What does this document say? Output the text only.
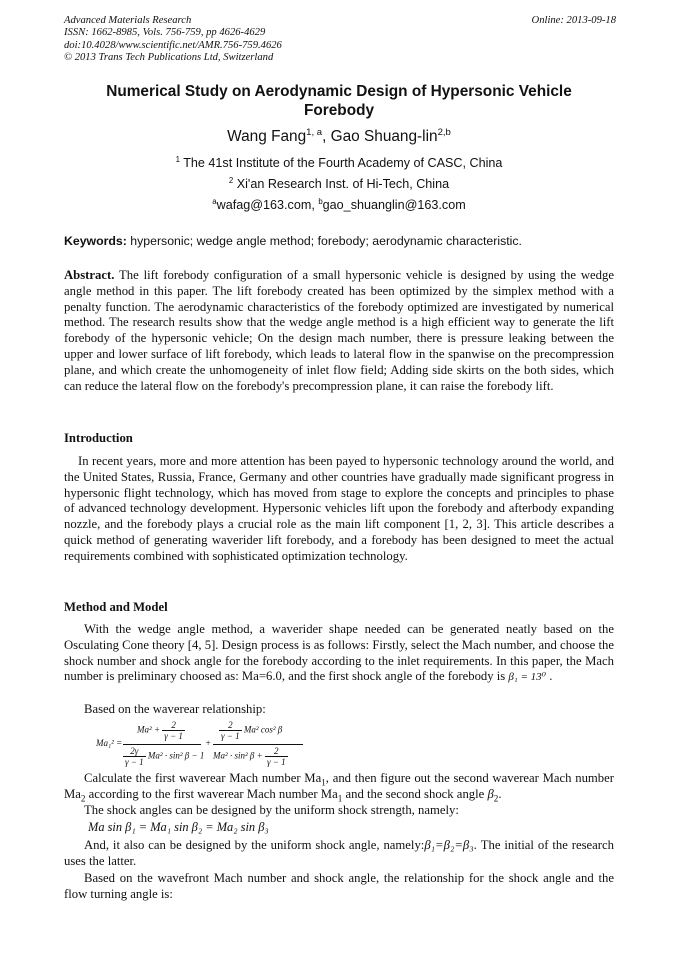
Advanced Materials Research
ISSN: 1662-8985, Vols. 756-759, pp 4626-4629
doi:10.4028/www.scientific.net/AMR.756-759.4626
© 2013 Trans Tech Publications Ltd, Switzerland
Online: 2013-09-18
Numerical Study on Aerodynamic Design of Hypersonic Vehicle
Forebody
Wang Fang$^{1, a}$, Gao Shuang-lin$^{2,b}$
$^1$ The 41st Institute of the Fourth Academy of CASC, China
$^2$ Xi'an Research Inst. of Hi-Tech, China
$^a$wafag@163.com, $^b$gao_shuanglin@163.com
Keywords: hypersonic; wedge angle method; forebody; aerodynamic characteristic.
Abstract. The lift forebody configuration of a small hypersonic vehicle is designed by using the wedge angle method in this paper. The lift forebody created has been optimized by the simplex method with a penalty function. The aerodynamic characteristics of the forebody optimized are investigated by numerical method. The research results show that the wedge angle method is a high efficient way to generate the lift forebody of the hypersonic vehicle; On the design mach number, there is pressure leaking between the upper and lower surface of lift forebody, which leads to lateral flow in the spanwise on the precompression plane, and which create the unhomogeneity of inlet flow field; Adding side skirts on the both sides, which can reduce the lateral flow on the forebody's precompression plane, it can raise the forebody lift.
Introduction
In recent years, more and more attention has been payed to hypersonic technology around the world, and the United States, Russia, France, Germany and other countries have gradually made significant progress in hypersonic flight technology, which has moved from stage to explore the concepts and principles to phase of advanced technology development. Hypersonic vehicles lift upon the forebody and afterbody expanding nozzle, and the forebody plays a crucial role as the main lift component [1, 2, 3]. This article describes a quick method of generating waverider lift forebody, and a forebody has been designed to meet the actual requirements combined with sophisticated optimization technology.
Method and Model
With the wedge angle method, a waverider shape needed can be generated neatly based on the Osculating Cone theory [4, 5]. Design process is as follows: Firstly, select the Mach number, and choose the shock number and shock angle for the forebody according to the inlet requirements. In this paper, the Mach number is preliminary choosed as: Ma=6.0, and the first shock angle of the forebody is β₁ = 13⁰ .
Based on the waverear relationship:
Ma₁² =
$Ma^2 + \frac{2}{\gamma - 1}$
$\frac{2\gamma}{\gamma - 1} Ma^2 \cdot \sin^2$ β − 1
+
$\frac{2}{\gamma - 1} Ma^2$ cos² β
Ma² · sin² $\beta + \frac{2}{\gamma - 1}$
Calculate the first waverear Mach number $Ma_1$, and then figure out the second waverear Mach number $Ma_2$ according to the first waverear Mach number $Ma_1$ and the second shock angle $\beta_2$.
The shock angles can be designed by the uniform shock strength, namely:
Ma sin β₁ = Ma₁ sin β₂ = Ma₂ sin β₃
And, it also can be designed by the uniform shock angle, namely:β₁=β₂=β₃. The initial of the research uses the latter.
Based on the wavefront Mach number and shock angle, the relationship for the shock angle and the flow turning angle is:
